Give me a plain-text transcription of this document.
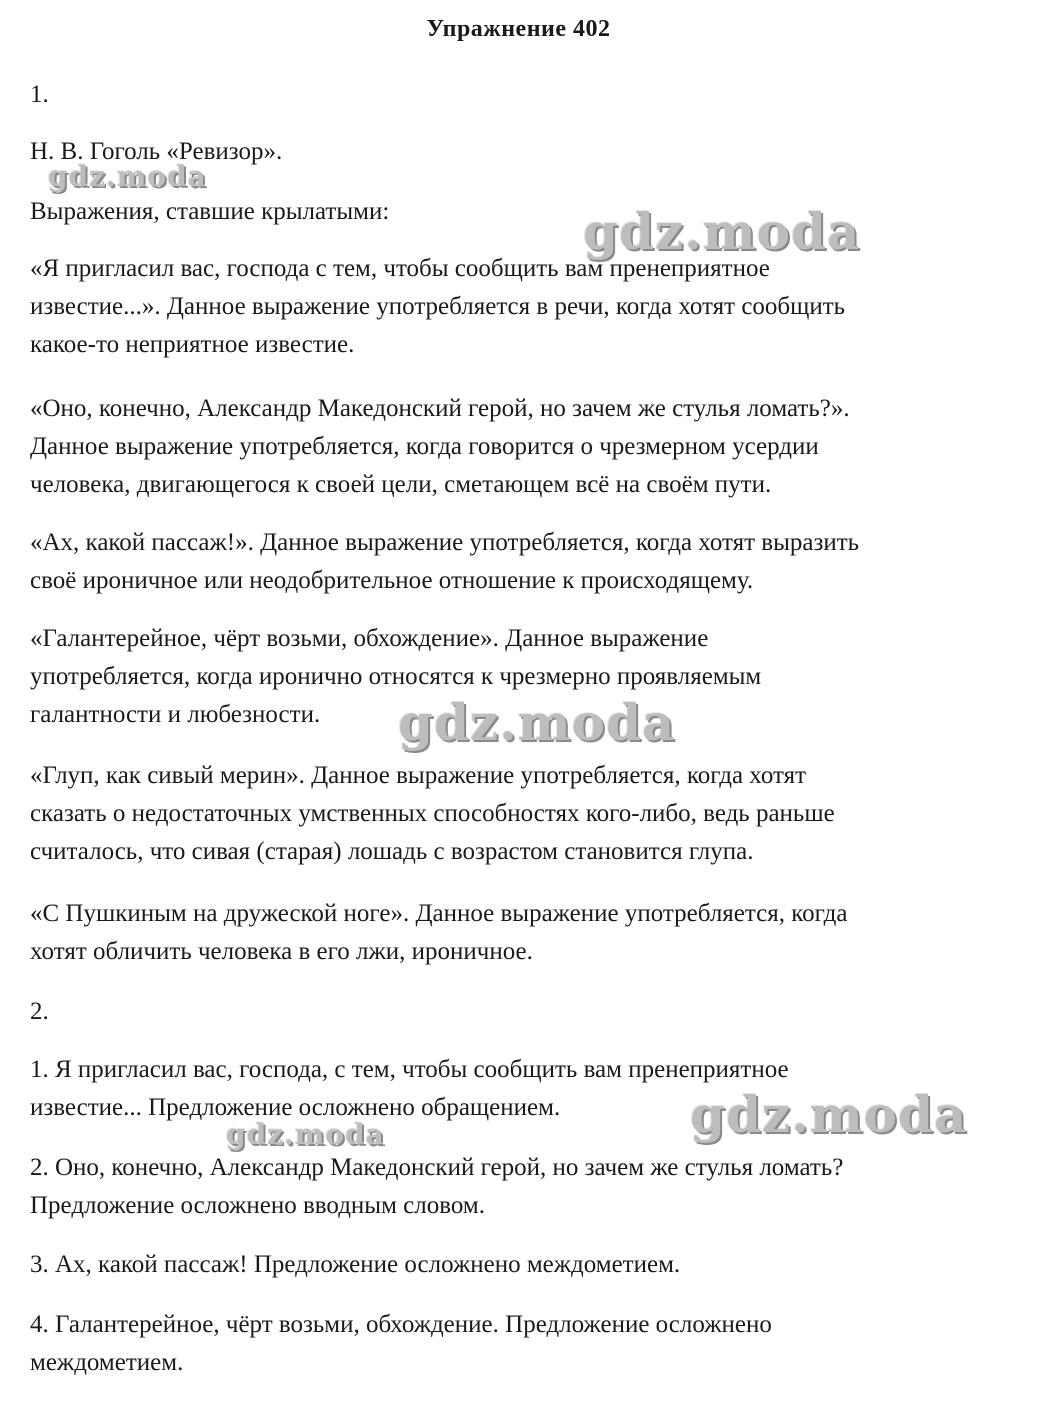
Упражнение 402

1.

Н. В. Гоголь «Ревизор».

Выражения, ставшие крылатыми:

«Я пригласил вас, господа с тем, чтобы сообщить вам пренеприятное
известие...». Данное выражение употребляется в речи, когда хотят сообщить
какое-то неприятное известие.

«Оно, конечно, Александр Македонский герой, но зачем же стулья ломать?».
Данное выражение употребляется, когда говорится о чрезмерном усердии
человека, двигающегося к своей цели, сметающем всё на своём пути.

«Ах, какой пассаж!». Данное выражение употребляется, когда хотят выразить
своё ироничное или неодобрительное отношение к происходящему.

«Галантерейное, чёрт возьми, обхождение». Данное выражение
употребляется, когда иронично относятся к чрезмерно проявляемым
галантности и любезности.

«Глуп, как сивый мерин». Данное выражение употребляется, когда хотят
сказать о недостаточных умственных способностях кого-либо, ведь раньше
считалось, что сивая (старая) лошадь с возрастом становится глупа.

«С Пушкиным на дружеской ноге». Данное выражение употребляется, когда
хотят обличить человека в его лжи, ироничное.

2.

1. Я пригласил вас, господа, с тем, чтобы сообщить вам пренеприятное
известие... Предложение осложнено обращением.

2. Оно, конечно, Александр Македонский герой, но зачем же стулья ломать?
Предложение осложнено вводным словом.

3. Ах, какой пассаж! Предложение осложнено междометием.

4. Галантерейное, чёрт возьми, обхождение. Предложение осложнено
междометием.

gdz.moda
gdz.moda
gdz.moda
gdz.moda
gdz.moda
